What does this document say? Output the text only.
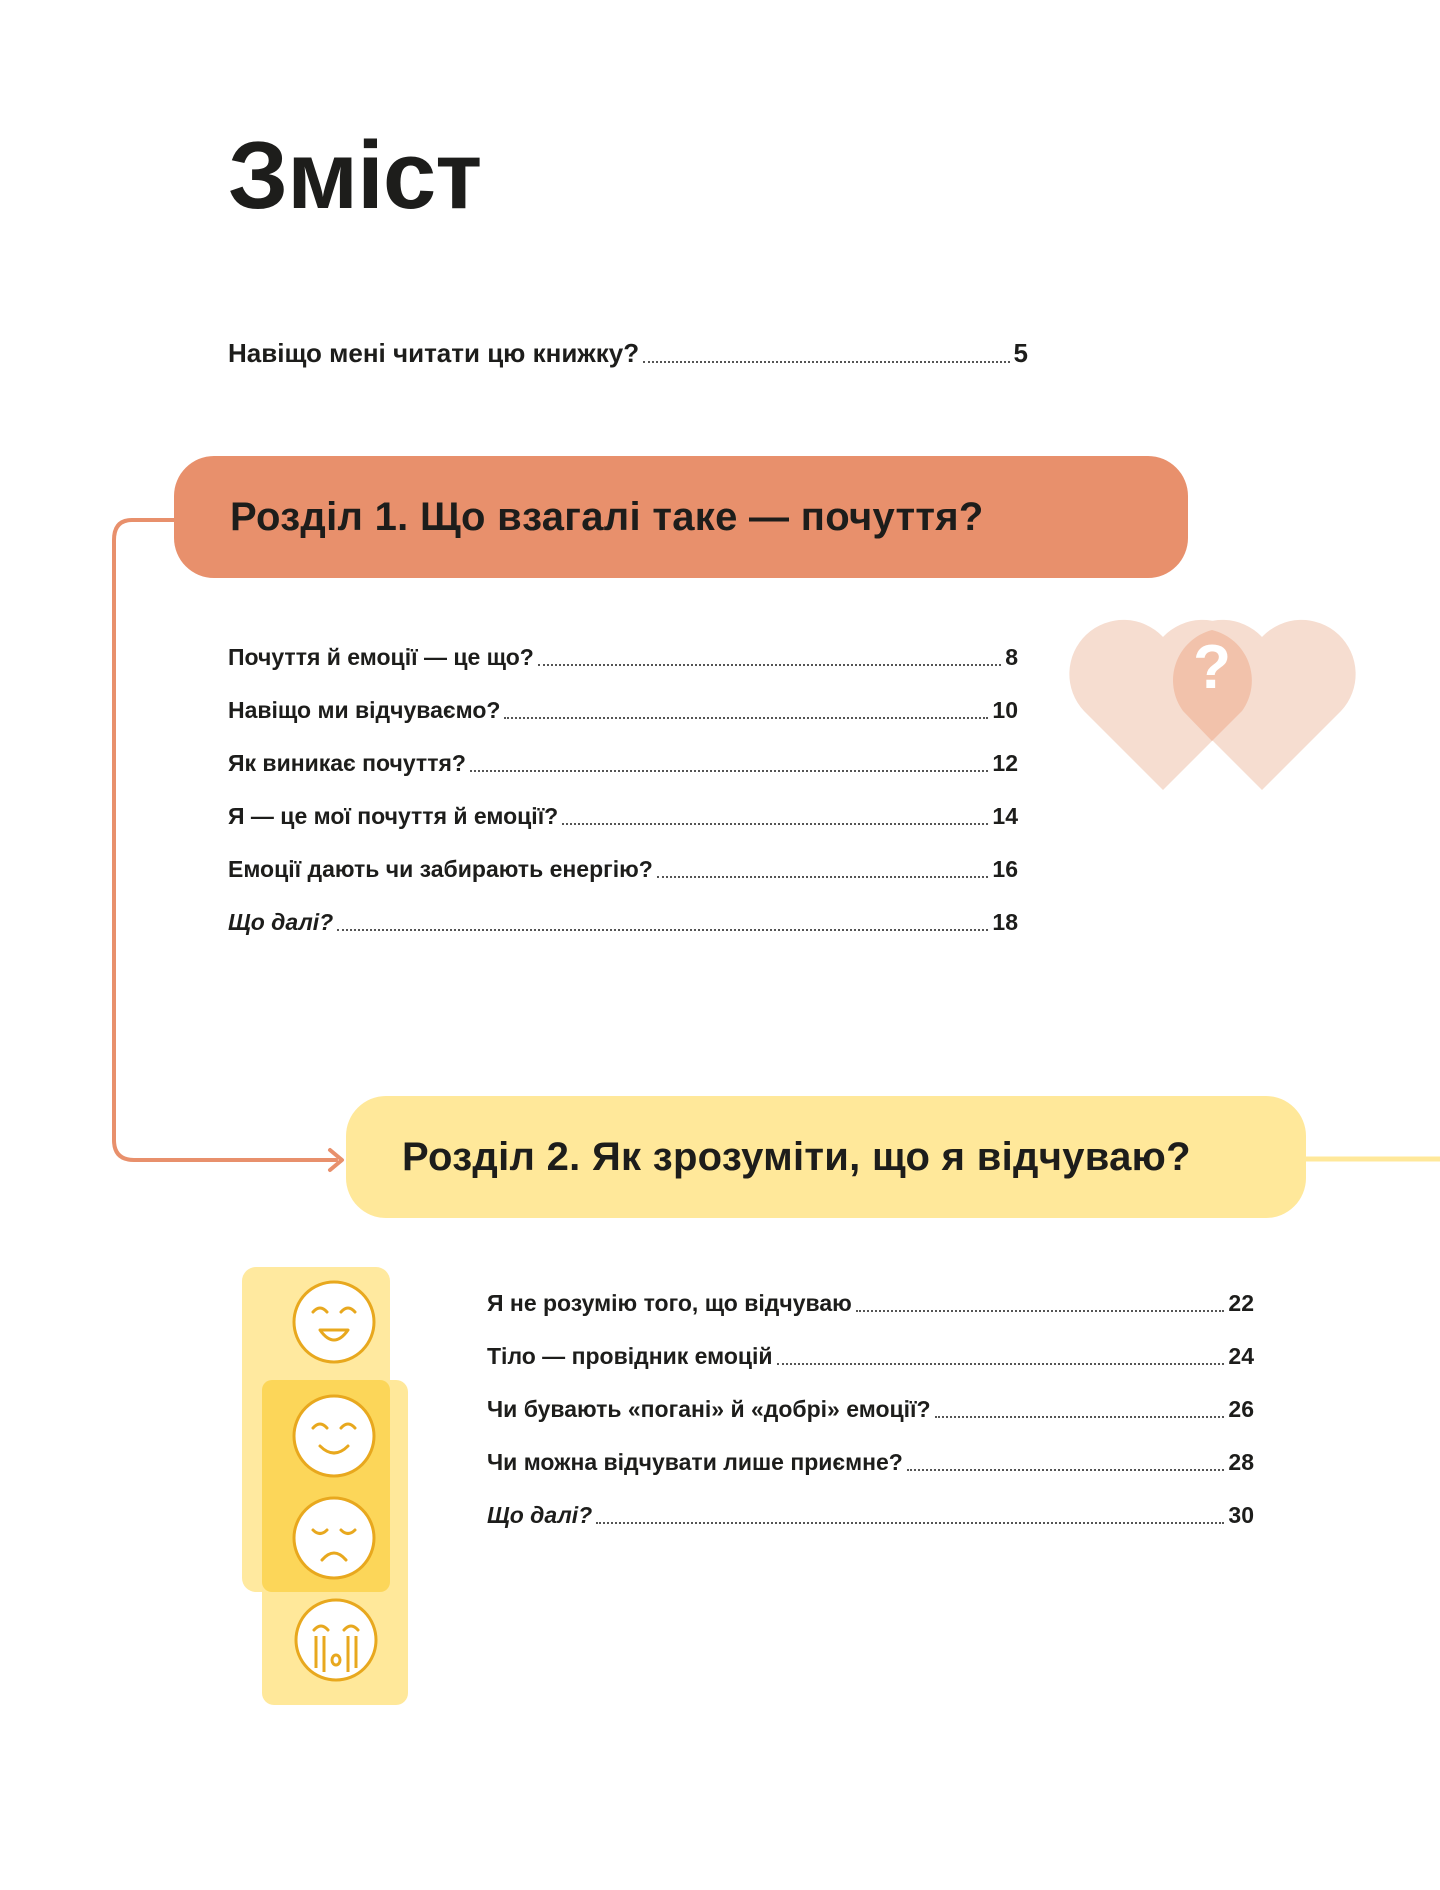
?
Зміст
Навіщо мені читати цю книжку?	5
Розділ 1. Що взагалі таке — почуття?
Почуття й емоції — це що?	8
Навіщо ми відчуваємо?	10
Як виникає почуття?	12
Я — це мої почуття й емоції?	14
Емоції дають чи забирають енергію?	16
Що далі?	18
Розділ 2. Як зрозуміти, що я відчуваю?
Я не розумію того, що відчуваю	22
Тіло — провідник емоцій	24
Чи бувають «погані» й «добрі» емоції?	26
Чи можна відчувати лише приємне?	28
Що далі?	30
